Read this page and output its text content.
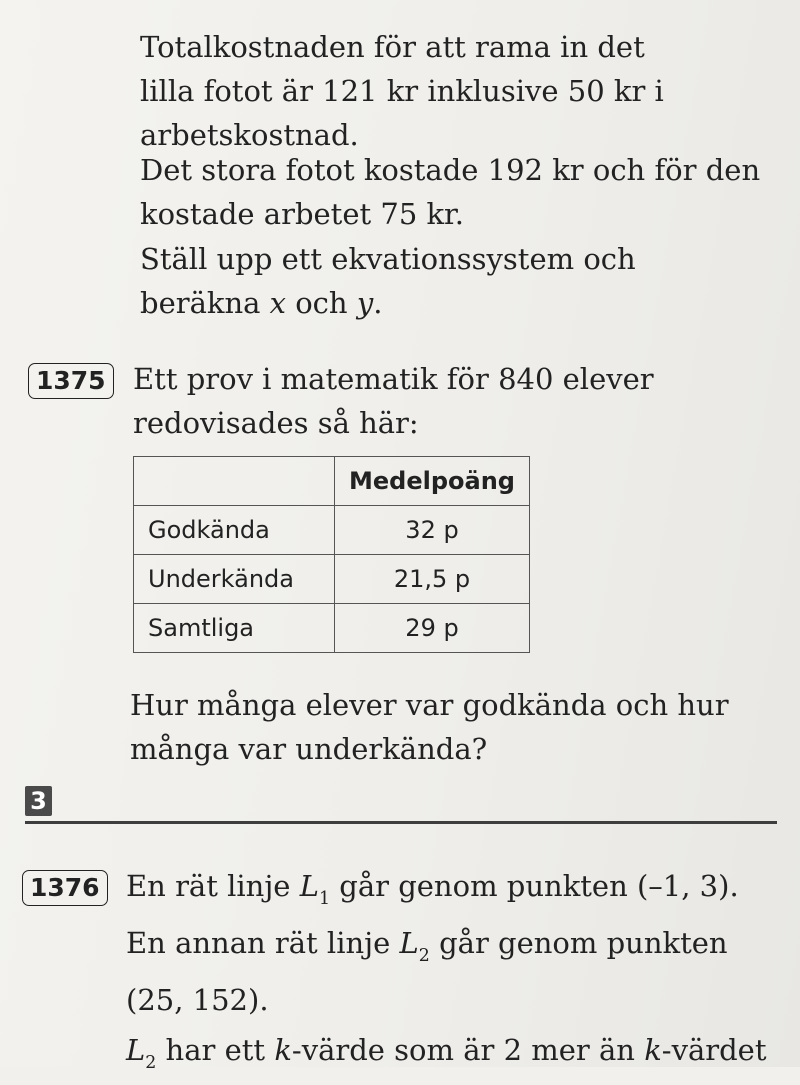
Totalkostnaden för att rama in det
lilla fotot är 121 kr inklusive 50 kr i
arbetskostnad.
Det stora fotot kostade 192 kr och för den
kostade arbetet 75 kr.
Ställ upp ett ekvationssystem och
beräkna x och y.
1375 Ett prov i matematik för 840 elever
redovisades så här:
	Medelpoäng
Godkända	32 p
Underkända	21,5 p
Samtliga	29 p
Hur många elever var godkända och hur
många var underkända?
3
1376 En rät linje $L_1$ går genom punkten (–1, 3).
En annan rät linje $L_2$ går genom punkten
(25, 152).
$L_2$ har ett k-värde som är 2 mer än k-värdet
